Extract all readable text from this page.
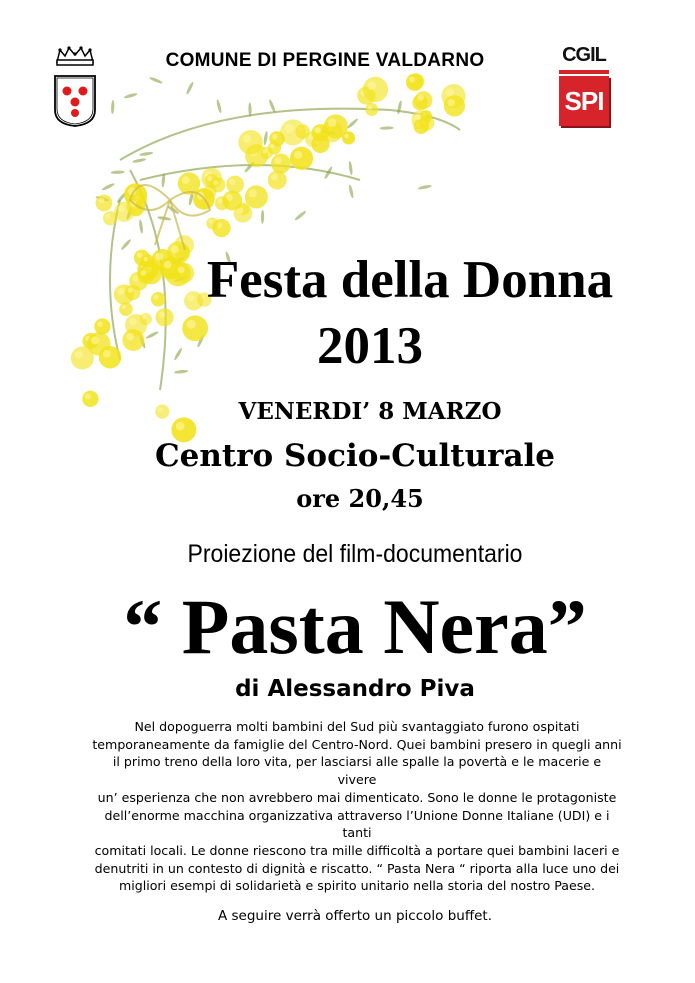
CGIL
SPI
COMUNE DI PERGINE VALDARNO
Festa della Donna
2013
VENERDI’ 8 MARZO
Centro Socio-Culturale
ore 20,45
Proiezione del film-documentario
“ Pasta Nera”
di Alessandro Piva
Nel dopoguerra molti bambini del Sud più svantaggiato furono ospitati
temporaneamente da famiglie del Centro-Nord. Quei bambini presero in quegli anni
il primo treno della loro vita, per lasciarsi alle spalle la povertà e le macerie e vivere
un’ esperienza che non avrebbero mai dimenticato. Sono le donne le protagoniste
dell’enorme macchina organizzativa attraverso l’Unione Donne Italiane (UDI) e i tanti
comitati locali. Le donne riescono tra mille difficoltà a portare quei bambini laceri e
denutriti in un contesto di dignità e riscatto. “ Pasta Nera “ riporta alla luce uno dei
migliori esempi di solidarietà e spirito unitario nella storia del nostro Paese.
A seguire verrà offerto un piccolo buffet.
